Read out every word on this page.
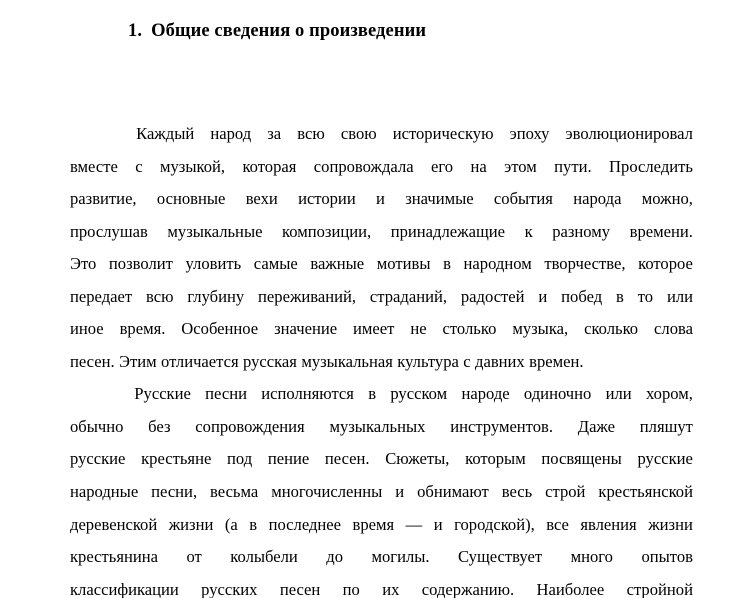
1. Общие сведения о произведении
Каждый народ за всю свою историческую эпоху эволюционировал
вместе с музыкой, которая сопровождала его на этом пути. Проследить
развитие, основные вехи истории и значимые события народа можно,
прослушав музыкальные композиции, принадлежащие к разному времени.
Это позволит уловить самые важные мотивы в народном творчестве, которое
передает всю глубину переживаний, страданий, радостей и побед в то или
иное время. Особенное значение имеет не столько музыка, сколько слова
песен. Этим отличается русская музыкальная культура с давних времен.
Русские песни исполняются в русском народе одиночно или хором,
обычно без сопровождения музыкальных инструментов. Даже пляшут
русские крестьяне под пение песен. Сюжеты, которым посвящены русские
народные песни, весьма многочисленны и обнимают весь строй крестьянской
деревенской жизни (а в последнее время — и городской), все явления жизни
крестьянина от колыбели до могилы. Существует много опытов
классификации русских песен по их содержанию. Наиболее стройной
